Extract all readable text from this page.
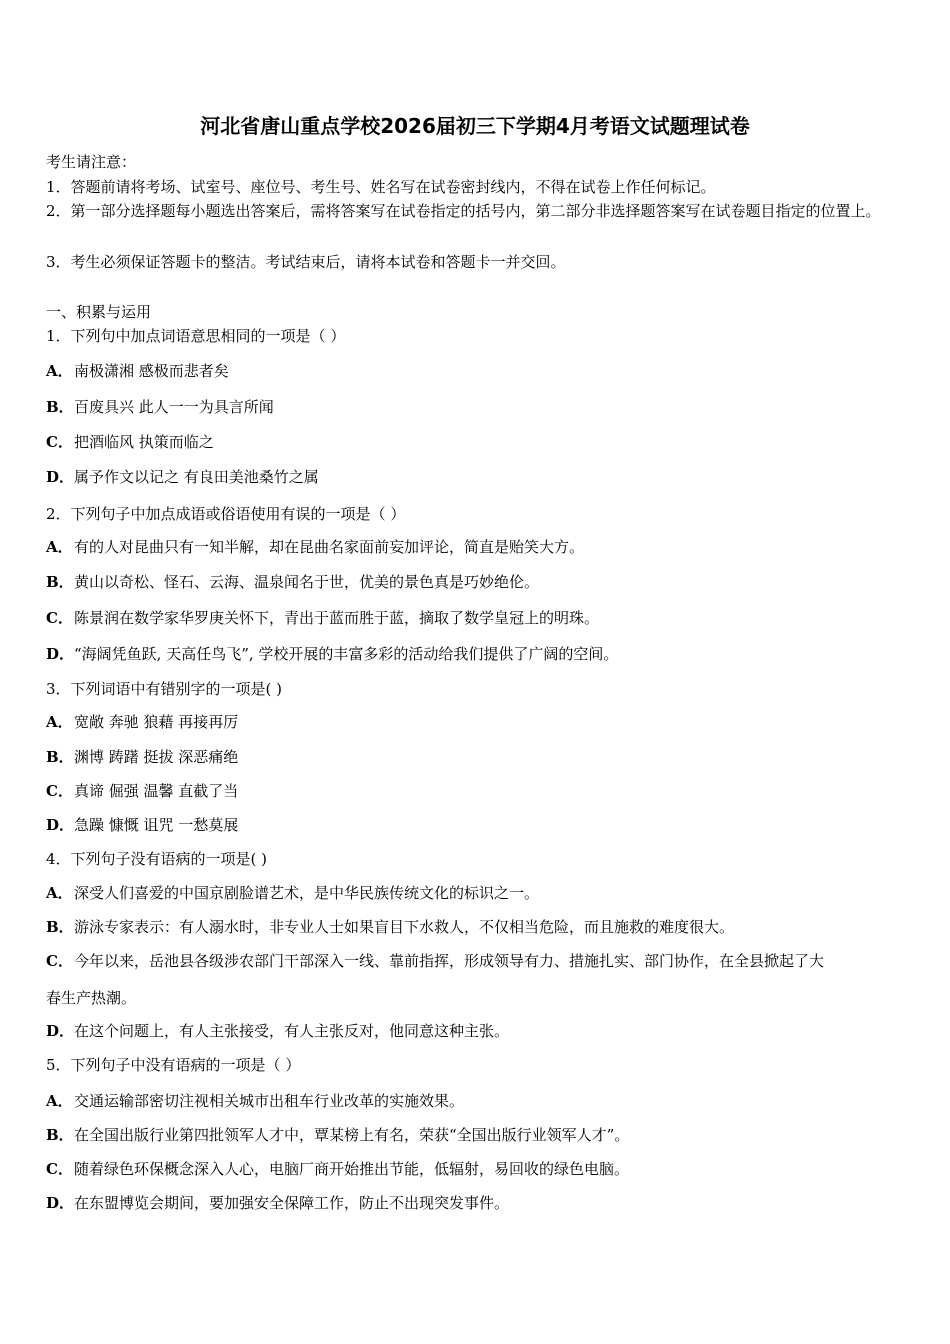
河北省唐山重点学校2026届初三下学期4月考语文试题理试卷
考生请注意：
1．答题前请将考场、试室号、座位号、考生号、姓名写在试卷密封线内，不得在试卷上作任何标记。
2．第一部分选择题每小题选出答案后，需将答案写在试卷指定的括号内，第二部分非选择题答案写在试卷题目指定的位置上。
3．考生必须保证答题卡的整洁。考试结束后，请将本试卷和答题卡一并交回。
一、积累与运用
1．下列句中加点词语意思相同的一项是（ ）
A．南极潇湘 感极而悲者矣
B．百废具兴 此人一一为具言所闻
C．把酒临风 执策而临之
D．属予作文以记之 有良田美池桑竹之属
2．下列句子中加点成语或俗语使用有误的一项是（ ）
A．有的人对昆曲只有一知半解，却在昆曲名家面前妄加评论，简直是贻笑大方。
B．黄山以奇松、怪石、云海、温泉闻名于世，优美的景色真是巧妙绝伦。
C．陈景润在数学家华罗庚关怀下，青出于蓝而胜于蓝，摘取了数学皇冠上的明珠。
D．“海阔凭鱼跃, 天高任鸟飞”, 学校开展的丰富多彩的活动给我们提供了广阔的空间。
3．下列词语中有错别字的一项是( )
A．宽敞 奔驰 狼藉 再接再厉
B．渊博 踌躇 挺拔 深恶痛绝
C．真谛 倔强 温馨 直截了当
D．急躁 慷慨 诅咒 一愁莫展
4．下列句子没有语病的一项是( )
A．深受人们喜爱的中国京剧脸谱艺术，是中华民族传统文化的标识之一。
B．游泳专家表示：有人溺水时，非专业人士如果盲目下水救人，不仅相当危险，而且施救的难度很大。
C．今年以来，岳池县各级涉农部门干部深入一线、靠前指挥，形成领导有力、措施扎实、部门协作，在全县掀起了大
春生产热潮。
D．在这个问题上，有人主张接受，有人主张反对，他同意这种主张。
5．下列句子中没有语病的一项是（ ）
A．交通运输部密切注视相关城市出租车行业改革的实施效果。
B．在全国出版行业第四批领军人才中，覃某榜上有名，荣获“全国出版行业领军人才”。
C．随着绿色环保概念深入人心，电脑厂商开始推出节能，低辐射，易回收的绿色电脑。
D．在东盟博览会期间，要加强安全保障工作，防止不出现突发事件。
